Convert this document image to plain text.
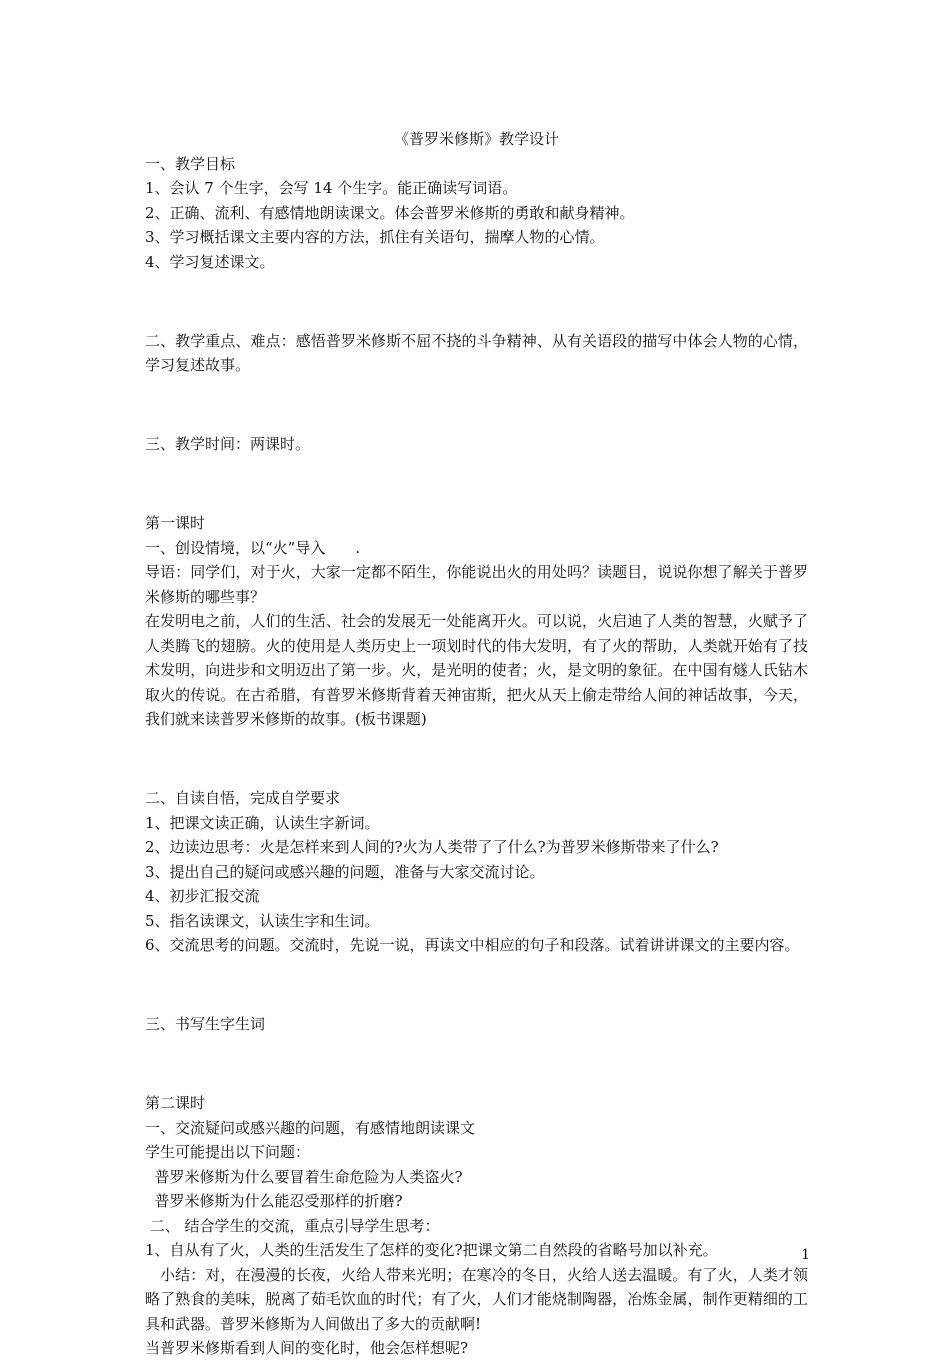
《普罗米修斯》教学设计

一、教学目标

1、会认 7 个生字，会写 14 个生字。能正确读写词语。

2、正确、流利、有感情地朗读课文。体会普罗米修斯的勇敢和献身精神。

3、学习概括课文主要内容的方法，抓住有关语句，揣摩人物的心情。

4、学习复述课文。

二、教学重点、难点：感悟普罗米修斯不屈不挠的斗争精神、从有关语段的描写中体会人物的心情，学习复述故事。

三、教学时间：两课时。

第一课时

一、创设情境，以“火”导入　　.

导语：同学们，对于火，大家一定都不陌生，你能说出火的用处吗？读题目，说说你想了解关于普罗米修斯的哪些事？

在发明电之前，人们的生活、社会的发展无一处能离开火。可以说，火启迪了人类的智慧，火赋予了人类腾飞的翅膀。火的使用是人类历史上一项划时代的伟大发明，有了火的帮助，人类就开始有了技术发明，向进步和文明迈出了第一步。火，是光明的使者；火，是文明的象征。在中国有燧人氏钻木取火的传说。在古希腊，有普罗米修斯背着天神宙斯，把火从天上偷走带给人间的神话故事，今天，我们就来读普罗米修斯的故事。(板书课题)

二、自读自悟，完成自学要求

1、把课文读正确，认读生字新词。

2、边读边思考：火是怎样来到人间的?火为人类带了了什么?为普罗米修斯带来了什么?

3、提出自己的疑问或感兴趣的问题，准备与大家交流讨论。

4、初步汇报交流

5、指名读课文，认读生字和生词。

6、交流思考的问题。交流时，先说一说，再读文中相应的句子和段落。试着讲讲课文的主要内容。

三、书写生字生词

第二课时

一、交流疑问或感兴趣的问题，有感情地朗读课文

学生可能提出以下问题：

普罗米修斯为什么要冒着生命危险为人类盗火?

普罗米修斯为什么能忍受那样的折磨?

二、 结合学生的交流，重点引导学生思考：

1、自从有了火，人类的生活发生了怎样的变化?把课文第二自然段的省略号加以补充。

　小结：对，在漫漫的长夜，火给人带来光明；在寒冷的冬日，火给人送去温暖。有了火，人类才领略了熟食的美味，脱离了茹毛饮血的时代；有了火，人们才能烧制陶器，冶炼金属，制作更精细的工具和武器。普罗米修斯为人间做出了多大的贡献啊!

当普罗米修斯看到人间的变化时，他会怎样想呢?

1
